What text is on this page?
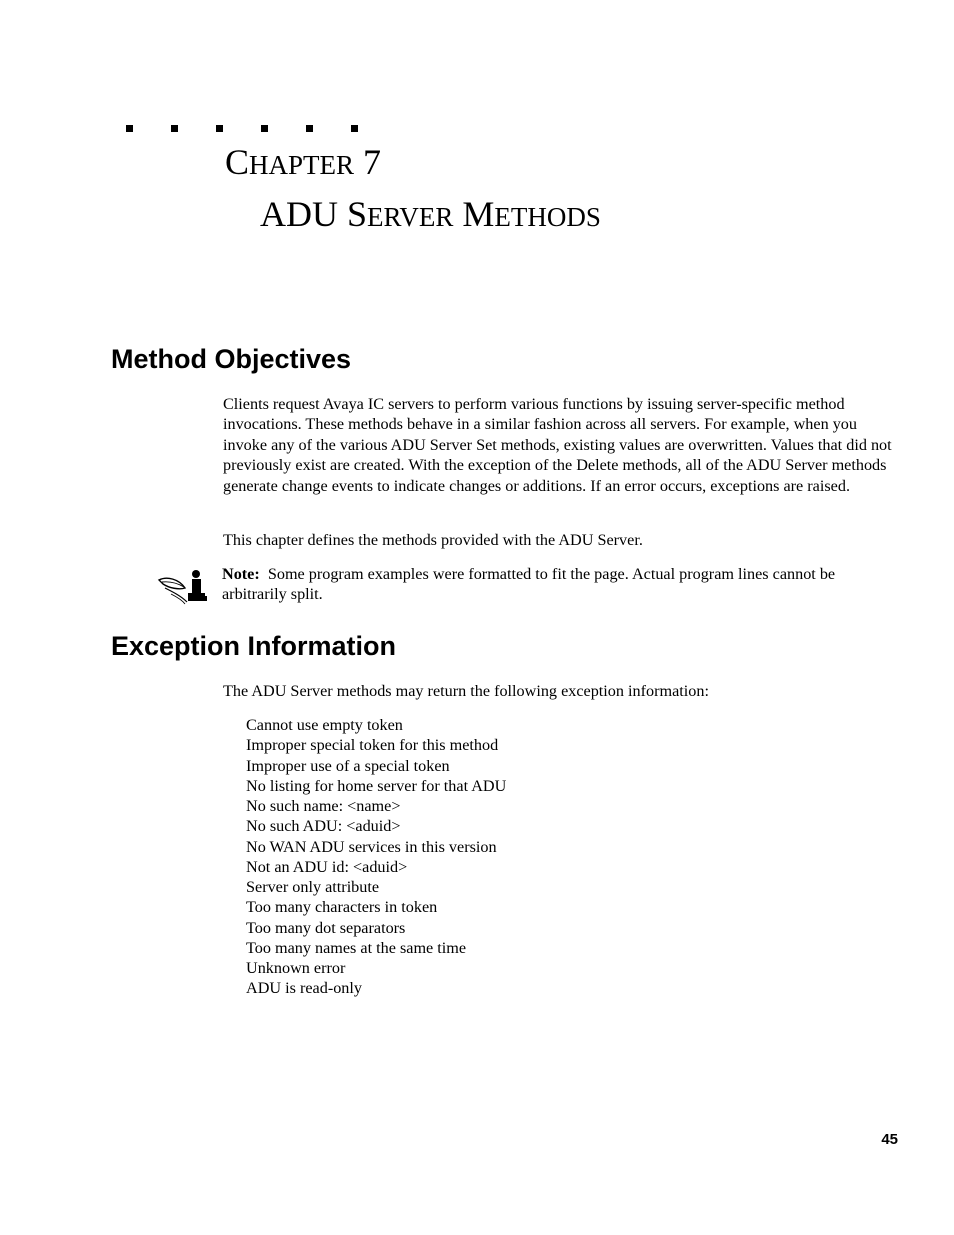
CHAPTER 7
ADU SERVER METHODS
Method Objectives

Clients request Avaya IC servers to perform various functions by issuing server-specific method invocations. These methods behave in a similar fashion across all servers. For example, when you invoke any of the various ADU Server Set methods, existing values are overwritten. Values that did not previously exist are created. With the exception of the Delete methods, all of the ADU Server methods generate change events to indicate changes or additions. If an error occurs, exceptions are raised.

This chapter defines the methods provided with the ADU Server.

Note: Some program examples were formatted to fit the page. Actual program lines cannot be arbitrarily split.

Exception Information

The ADU Server methods may return the following exception information:

Cannot use empty token
Improper special token for this method
Improper use of a special token
No listing for home server for that ADU
No such name: <name>
No such ADU: <aduid>
No WAN ADU services in this version
Not an ADU id: <aduid>
Server only attribute
Too many characters in token
Too many dot separators
Too many names at the same time
Unknown error
ADU is read-only
45
